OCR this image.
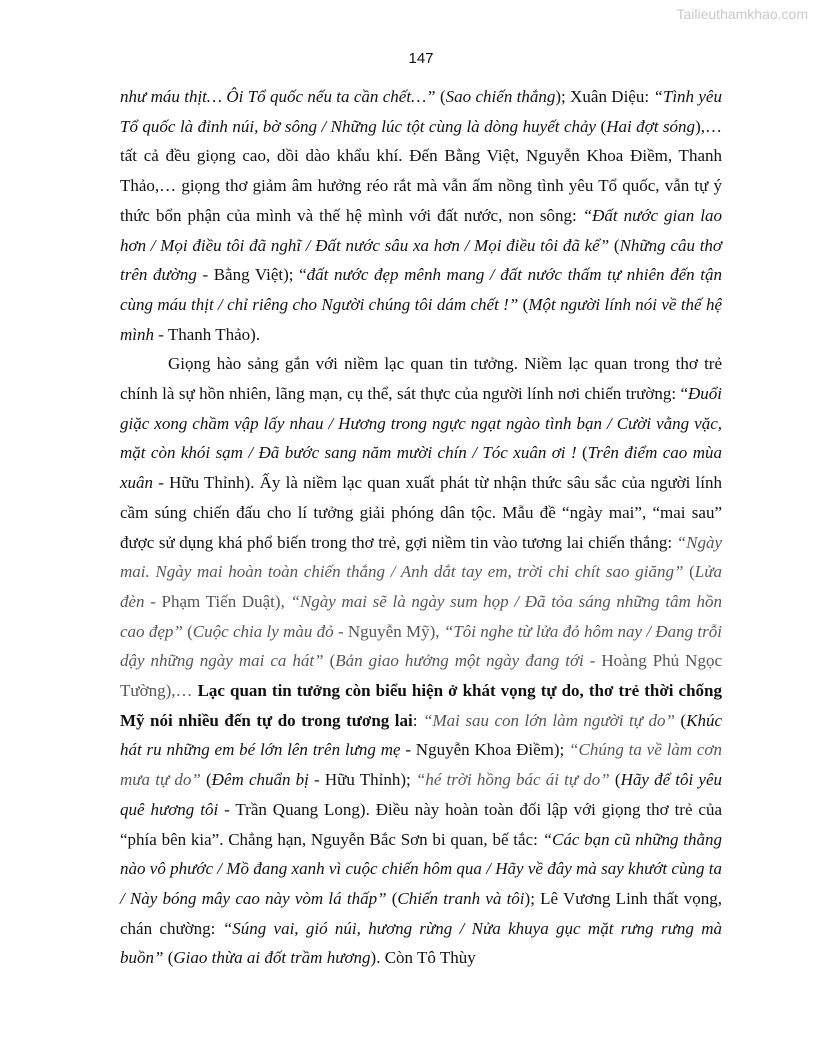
Tailieuthamkhao.com
147

như máu thịt… Ôi Tổ quốc nếu ta cần chết…” (Sao chiến thắng); Xuân Diệu: “Tình yêu Tổ quốc là đỉnh núi, bờ sông / Những lúc tột cùng là dòng huyết chảy (Hai đợt sóng),… tất cả đều giọng cao, dồi dào khẩu khí. Đến Bằng Việt, Nguyễn Khoa Điềm, Thanh Thảo,… giọng thơ giảm âm hưởng réo rắt mà vẫn ấm nồng tình yêu Tổ quốc, vẫn tự ý thức bổn phận của mình và thế hệ mình với đất nước, non sông: “Đất nước gian lao hơn / Mọi điều tôi đã nghĩ / Đất nước sâu xa hơn / Mọi điều tôi đã kể” (Những câu thơ trên đường - Bằng Việt); “đất nước đẹp mênh mang / đất nước thấm tự nhiên đến tận cùng máu thịt / chỉ riêng cho Người chúng tôi dám chết !” (Một người lính nói về thế hệ mình - Thanh Thảo).

Giọng hào sảng gắn với niềm lạc quan tin tưởng. Niềm lạc quan trong thơ trẻ chính là sự hồn nhiên, lãng mạn, cụ thể, sát thực của người lính nơi chiến trường: “Đuổi giặc xong chầm vập lấy nhau / Hương trong ngực ngạt ngào tình bạn / Cười vằng vặc, mặt còn khói sạm / Đã bước sang năm mười chín / Tóc xuân ơi ! (Trên điểm cao mùa xuân - Hữu Thỉnh). Ấy là niềm lạc quan xuất phát từ nhận thức sâu sắc của người lính cầm súng chiến đấu cho lí tưởng giải phóng dân tộc. Mẫu đề “ngày mai”, “mai sau” được sử dụng khá phổ biến trong thơ trẻ, gợi niềm tin vào tương lai chiến thắng: “Ngày mai. Ngày mai hoàn toàn chiến thắng / Anh dắt tay em, trời chi chít sao giăng” (Lửa đèn - Phạm Tiến Duật), “Ngày mai sẽ là ngày sum họp / Đã tỏa sáng những tâm hồn cao đẹp” (Cuộc chia ly màu đỏ - Nguyễn Mỹ), “Tôi nghe từ lửa đỏ hôm nay / Đang trỗi dậy những ngày mai ca hát” (Bản giao hưởng một ngày đang tới - Hoàng Phủ Ngọc Tường),… Lạc quan tin tưởng còn biểu hiện ở khát vọng tự do, thơ trẻ thời chống Mỹ nói nhiều đến tự do trong tương lai: “Mai sau con lớn làm người tự do” (Khúc hát ru những em bé lớn lên trên lưng mẹ - Nguyễn Khoa Điềm); “Chúng ta về làm cơn mưa tự do” (Đêm chuẩn bị - Hữu Thỉnh); “hé trời hồng bác ái tự do” (Hãy để tôi yêu quê hương tôi - Trần Quang Long). Điều này hoàn toàn đối lập với giọng thơ trẻ của “phía bên kia”. Chẳng hạn, Nguyễn Bắc Sơn bi quan, bế tắc: “Các bạn cũ những thằng nào vô phước / Mồ đang xanh vì cuộc chiến hôm qua / Hãy về đây mà say khướt cùng ta / Này bóng mây cao này vòm lá thấp” (Chiến tranh và tôi); Lê Vương Linh thất vọng, chán chường: “Súng vai, gió núi, hương rừng / Nửa khuya gục mặt rưng rưng mà buồn” (Giao thừa ai đốt trầm hương). Còn Tô Thùy
